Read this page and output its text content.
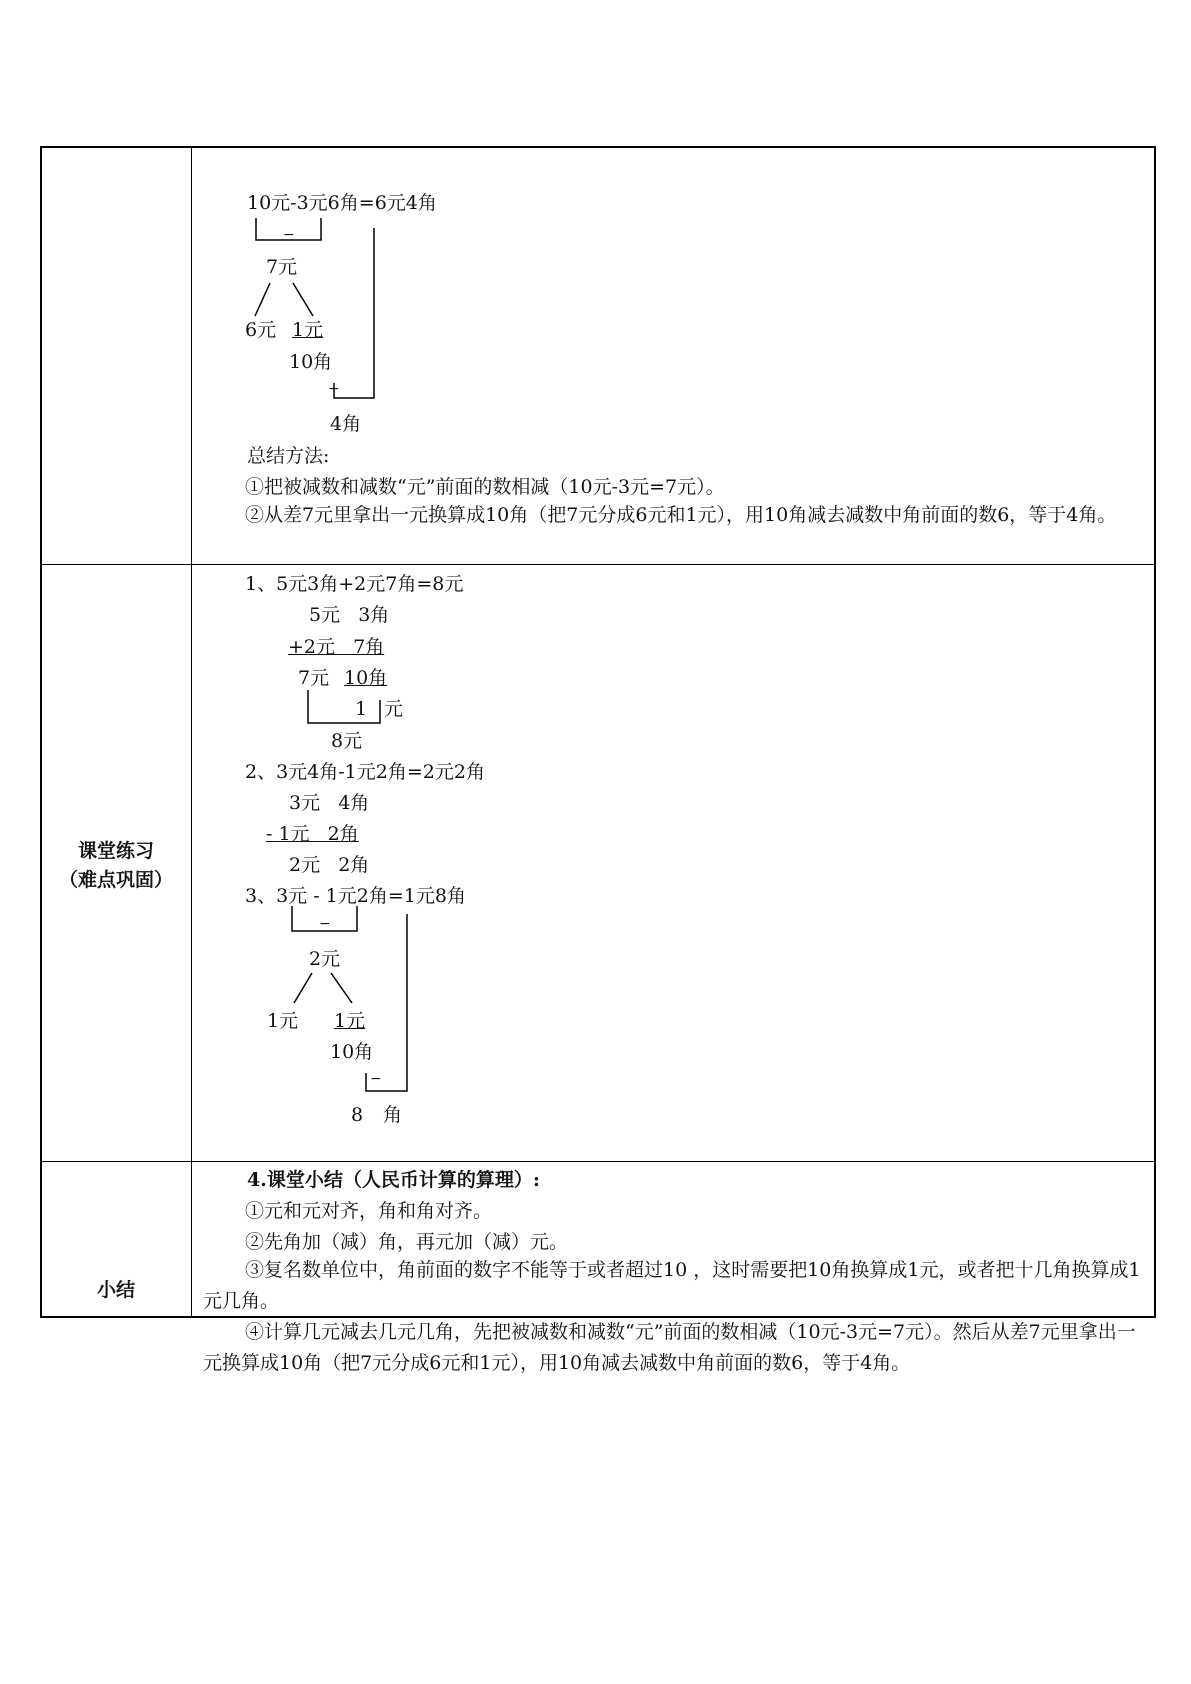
10元-3元6角=6元4角
−
7元
6元 1元
10角
−
4角
总结方法:
①把被减数和减数“元”前面的数相减（10元-3元=7元）。
②从差7元里拿出一元换算成10角（把7元分成6元和1元），用10角减去减数中角前面的数6，等于4角。
课堂练习
（难点巩固）
1、5元3角+2元7角=8元
5元   3角
+2元   7角
7元 10角
1 元
8元
2、3元4角-1元2角=2元2角
3元   4角
- 1元   2角
2元   2角
3、3元 - 1元2角=1元8角
−
2元
1元 1元
10角
−
8 角
小结
4.课堂小结（人民币计算的算理）:
①元和元对齐，角和角对齐。
②先角加（减）角，再元加（减）元。
③复名数单位中，角前面的数字不能等于或者超过10 ，这时需要把10角换算成1元，或者把十几角换算成1元几角。
④计算几元减去几元几角，先把被减数和减数“元”前面的数相减（10元-3元=7元）。然后从差7元里拿出一元换算成10角（把7元分成6元和1元），用10角减去减数中角前面的数6，等于4角。
